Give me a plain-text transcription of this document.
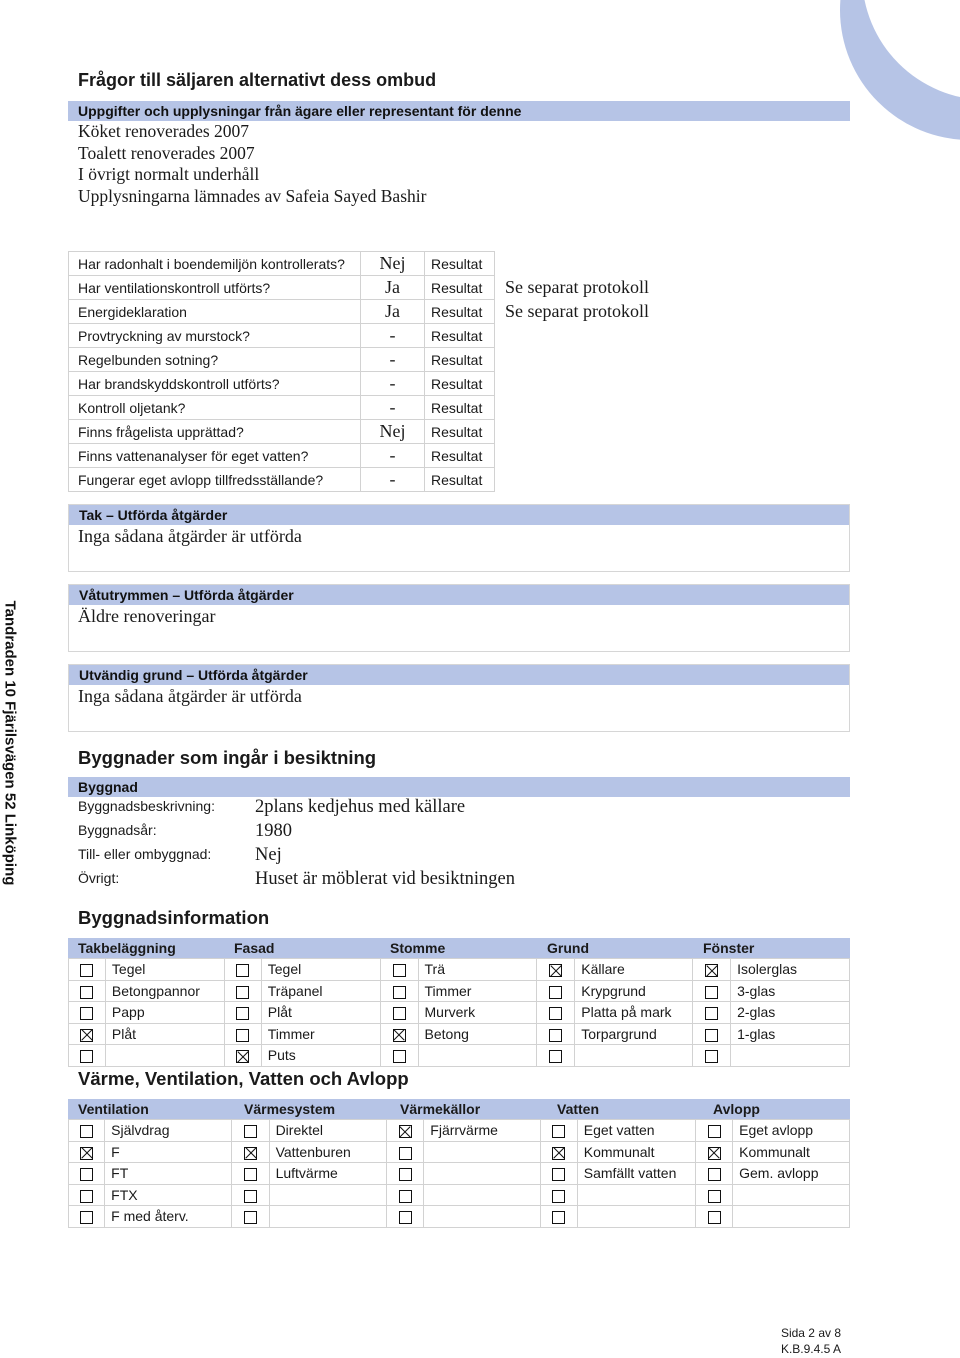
Tandraden 10 Fjärilsvägen 52 Linköping
Frågor till säljaren alternativt dess ombud
Uppgifter och upplysningar från ägare eller representant för denne
Köket renoverades 2007
Toalett renoverades 2007
I övrigt normalt underhåll
Upplysningarna lämnades av Safeia Sayed Bashir
Har radonhalt i boendemiljön kontrollerats?	Nej	Resultat	
Har ventilationskontroll utförts?	Ja	Resultat	Se separat protokoll
Energideklaration	Ja	Resultat	Se separat protokoll
Provtryckning av murstock?	-	Resultat	
Regelbunden sotning?	-	Resultat	
Har brandskyddskontroll utförts?	-	Resultat	
Kontroll oljetank?	-	Resultat	
Finns frågelista upprättad?	Nej	Resultat	
Finns vattenanalyser för eget vatten?	-	Resultat	
Fungerar eget avlopp tillfredsställande?	-	Resultat	
Tak – Utförda åtgärder
Inga sådana åtgärder är utförda
Våtutrymmen – Utförda åtgärder
Äldre renoveringar
Utvändig grund – Utförda åtgärder
Inga sådana åtgärder är utförda
Byggnader som ingår i besiktning
Byggnad
Byggnadsbeskrivning: 2plans kedjehus med källare
Byggnadsår:	1980
Till- eller ombyggnad: Nej
Övrigt:	Huset är möblerat vid besiktningen
Byggnadsinformation
Takbeläggning	Fasad	Stomme	Grund	Fönster
	Tegel		Tegel		Trä		Källare		Isolerglas
	Betongpannor		Träpanel		Timmer		Krypgrund		3-glas
	Papp		Plåt		Murverk		Platta på mark		2-glas
	Plåt		Timmer		Betong		Torpargrund		1-glas
			Puts						
Värme, Ventilation, Vatten och Avlopp
Ventilation	Värmesystem	Värmekällor	Vatten	Avlopp
	Självdrag		Direktel		Fjärrvärme		Eget vatten		Eget avlopp
	F		Vattenburen				Kommunalt		Kommunalt
	FT		Luftvärme				Samfällt vatten		Gem. avlopp
	FTX								
	F med återv.								
Sida 2 av 8
K.B.9.4.5 A
